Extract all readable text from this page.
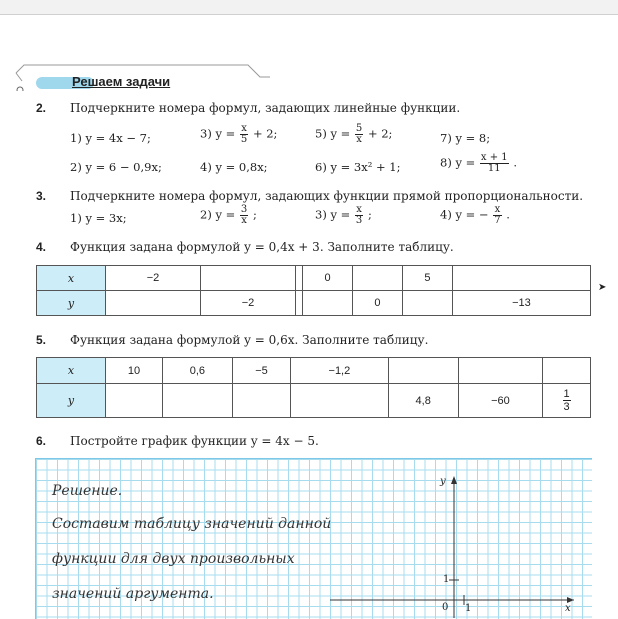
Решаем задачи
2. Подчеркните номера формул, задающих линейные функции.
1) y = 4x − 7;	3) $y = \frac{x}{5} + 2$;	5) $y = \frac{5}{x} + 2$;	7) y = 8;
2) y = 6 − 0,9x;	4) y = 0,8x;	6) y = 3x² + 1;	8) $y = \frac{x + 1}{11}$ .
3. Подчеркните номера формул, задающих функции прямой пропорциональности.
1) y = 3x;	2) $y = \frac{3}{x}$ ;	3) $y = \frac{x}{3}$ ;	4) y = − $\frac{x}{7}$ .
4. Функция задана формулой y = 0,4x + 3. Заполните таблицу.
x	−2			0		5	
y		−2			0		−13
➤
5. Функция задана формулой y = 0,6x. Заполните таблицу.
x	10	0,6	−5	−1,2			
y					4,8	−60	$\frac{1}{3}$
6. Постройте график функции y = 4x − 5.
Решение.
Составим таблицу значений данной
функции для двух произвольных
значений аргумента.
y
x
1
0 1
